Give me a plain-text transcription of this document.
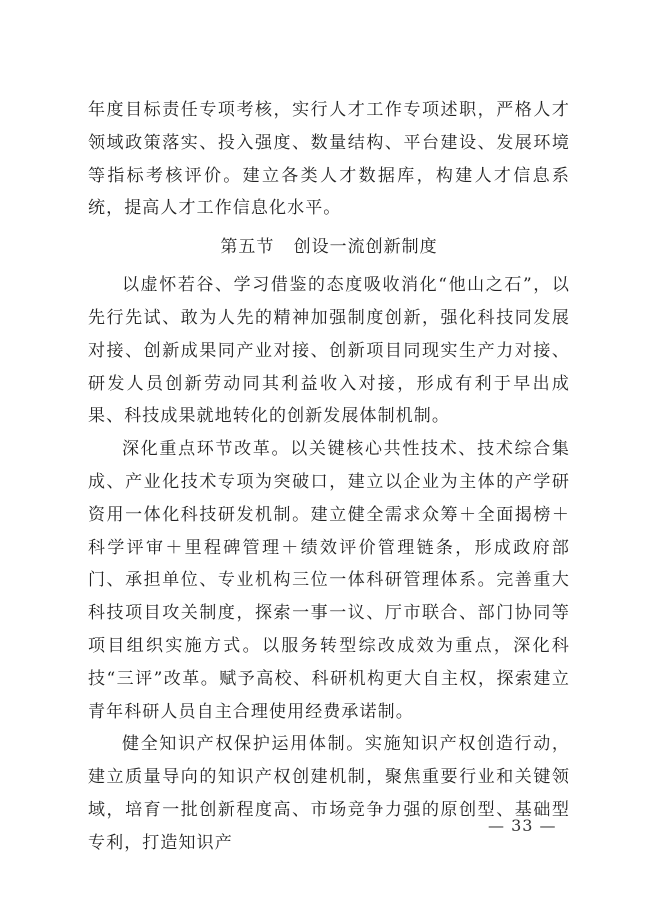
年度目标责任专项考核，实行人才工作专项述职，严格人才领域政策落实、投入强度、数量结构、平台建设、发展环境等指标考核评价。建立各类人才数据库，构建人才信息系统，提高人才工作信息化水平。

第五节 创设一流创新制度

以虚怀若谷、学习借鉴的态度吸收消化“他山之石”，以先行先试、敢为人先的精神加强制度创新，强化科技同发展对接、创新成果同产业对接、创新项目同现实生产力对接、研发人员创新劳动同其利益收入对接，形成有利于早出成果、科技成果就地转化的创新发展体制机制。

深化重点环节改革。以关键核心共性技术、技术综合集成、产业化技术专项为突破口，建立以企业为主体的产学研资用一体化科技研发机制。建立健全需求众筹＋全面揭榜＋科学评审＋里程碑管理＋绩效评价管理链条，形成政府部门、承担单位、专业机构三位一体科研管理体系。完善重大科技项目攻关制度，探索一事一议、厅市联合、部门协同等项目组织实施方式。以服务转型综改成效为重点，深化科技“三评”改革。赋予高校、科研机构更大自主权，探索建立青年科研人员自主合理使用经费承诺制。

健全知识产权保护运用体制。实施知识产权创造行动，建立质量导向的知识产权创建机制，聚焦重要行业和关键领域，培育一批创新程度高、市场竞争力强的原创型、基础型专利，打造知识产

— 33 —
